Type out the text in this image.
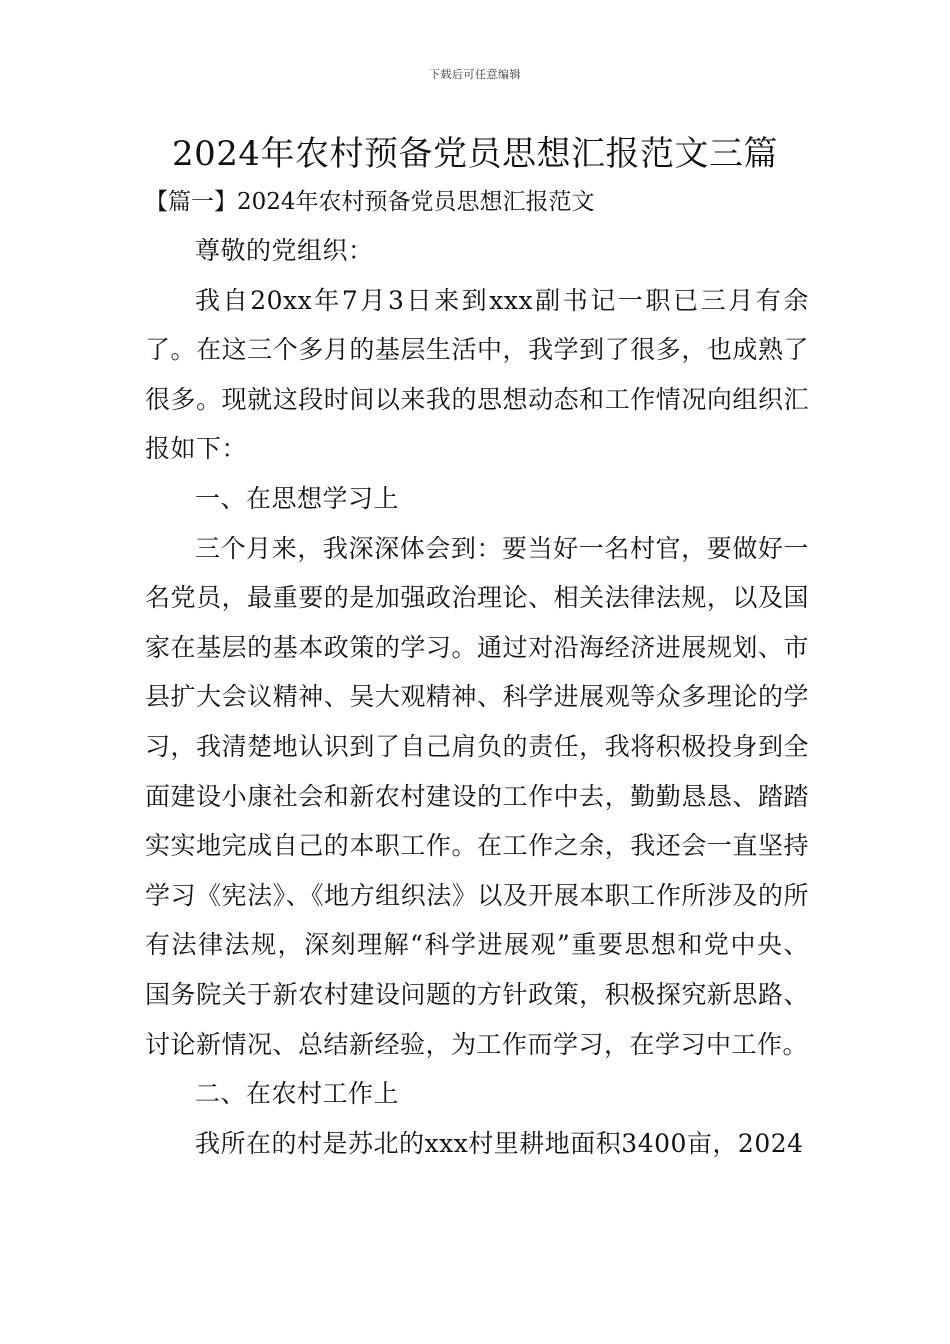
下载后可任意编辑
2024年农村预备党员思想汇报范文三篇
【篇一】2024年农村预备党员思想汇报范文

尊敬的党组织：

我自20xx年7月3日来到xxx副书记一职已三月有余了。在这三个多月的基层生活中，我学到了很多，也成熟了很多。现就这段时间以来我的思想动态和工作情况向组织汇报如下：

一、在思想学习上

三个月来，我深深体会到：要当好一名村官，要做好一名党员，最重要的是加强政治理论、相关法律法规，以及国家在基层的基本政策的学习。通过对沿海经济进展规划、市县扩大会议精神、吴大观精神、科学进展观等众多理论的学习，我清楚地认识到了自己肩负的责任，我将积极投身到全面建设小康社会和新农村建设的工作中去，勤勤恳恳、踏踏实实地完成自己的本职工作。在工作之余，我还会一直坚持学习《宪法》、《地方组织法》以及开展本职工作所涉及的所有法律法规，深刻理解“科学进展观”重要思想和党中央、国务院关于新农村建设问题的方针政策，积极探究新思路、讨论新情况、总结新经验，为工作而学习，在学习中工作。

二、在农村工作上

我所在的村是苏北的xxx村里耕地面积3400亩，2024
